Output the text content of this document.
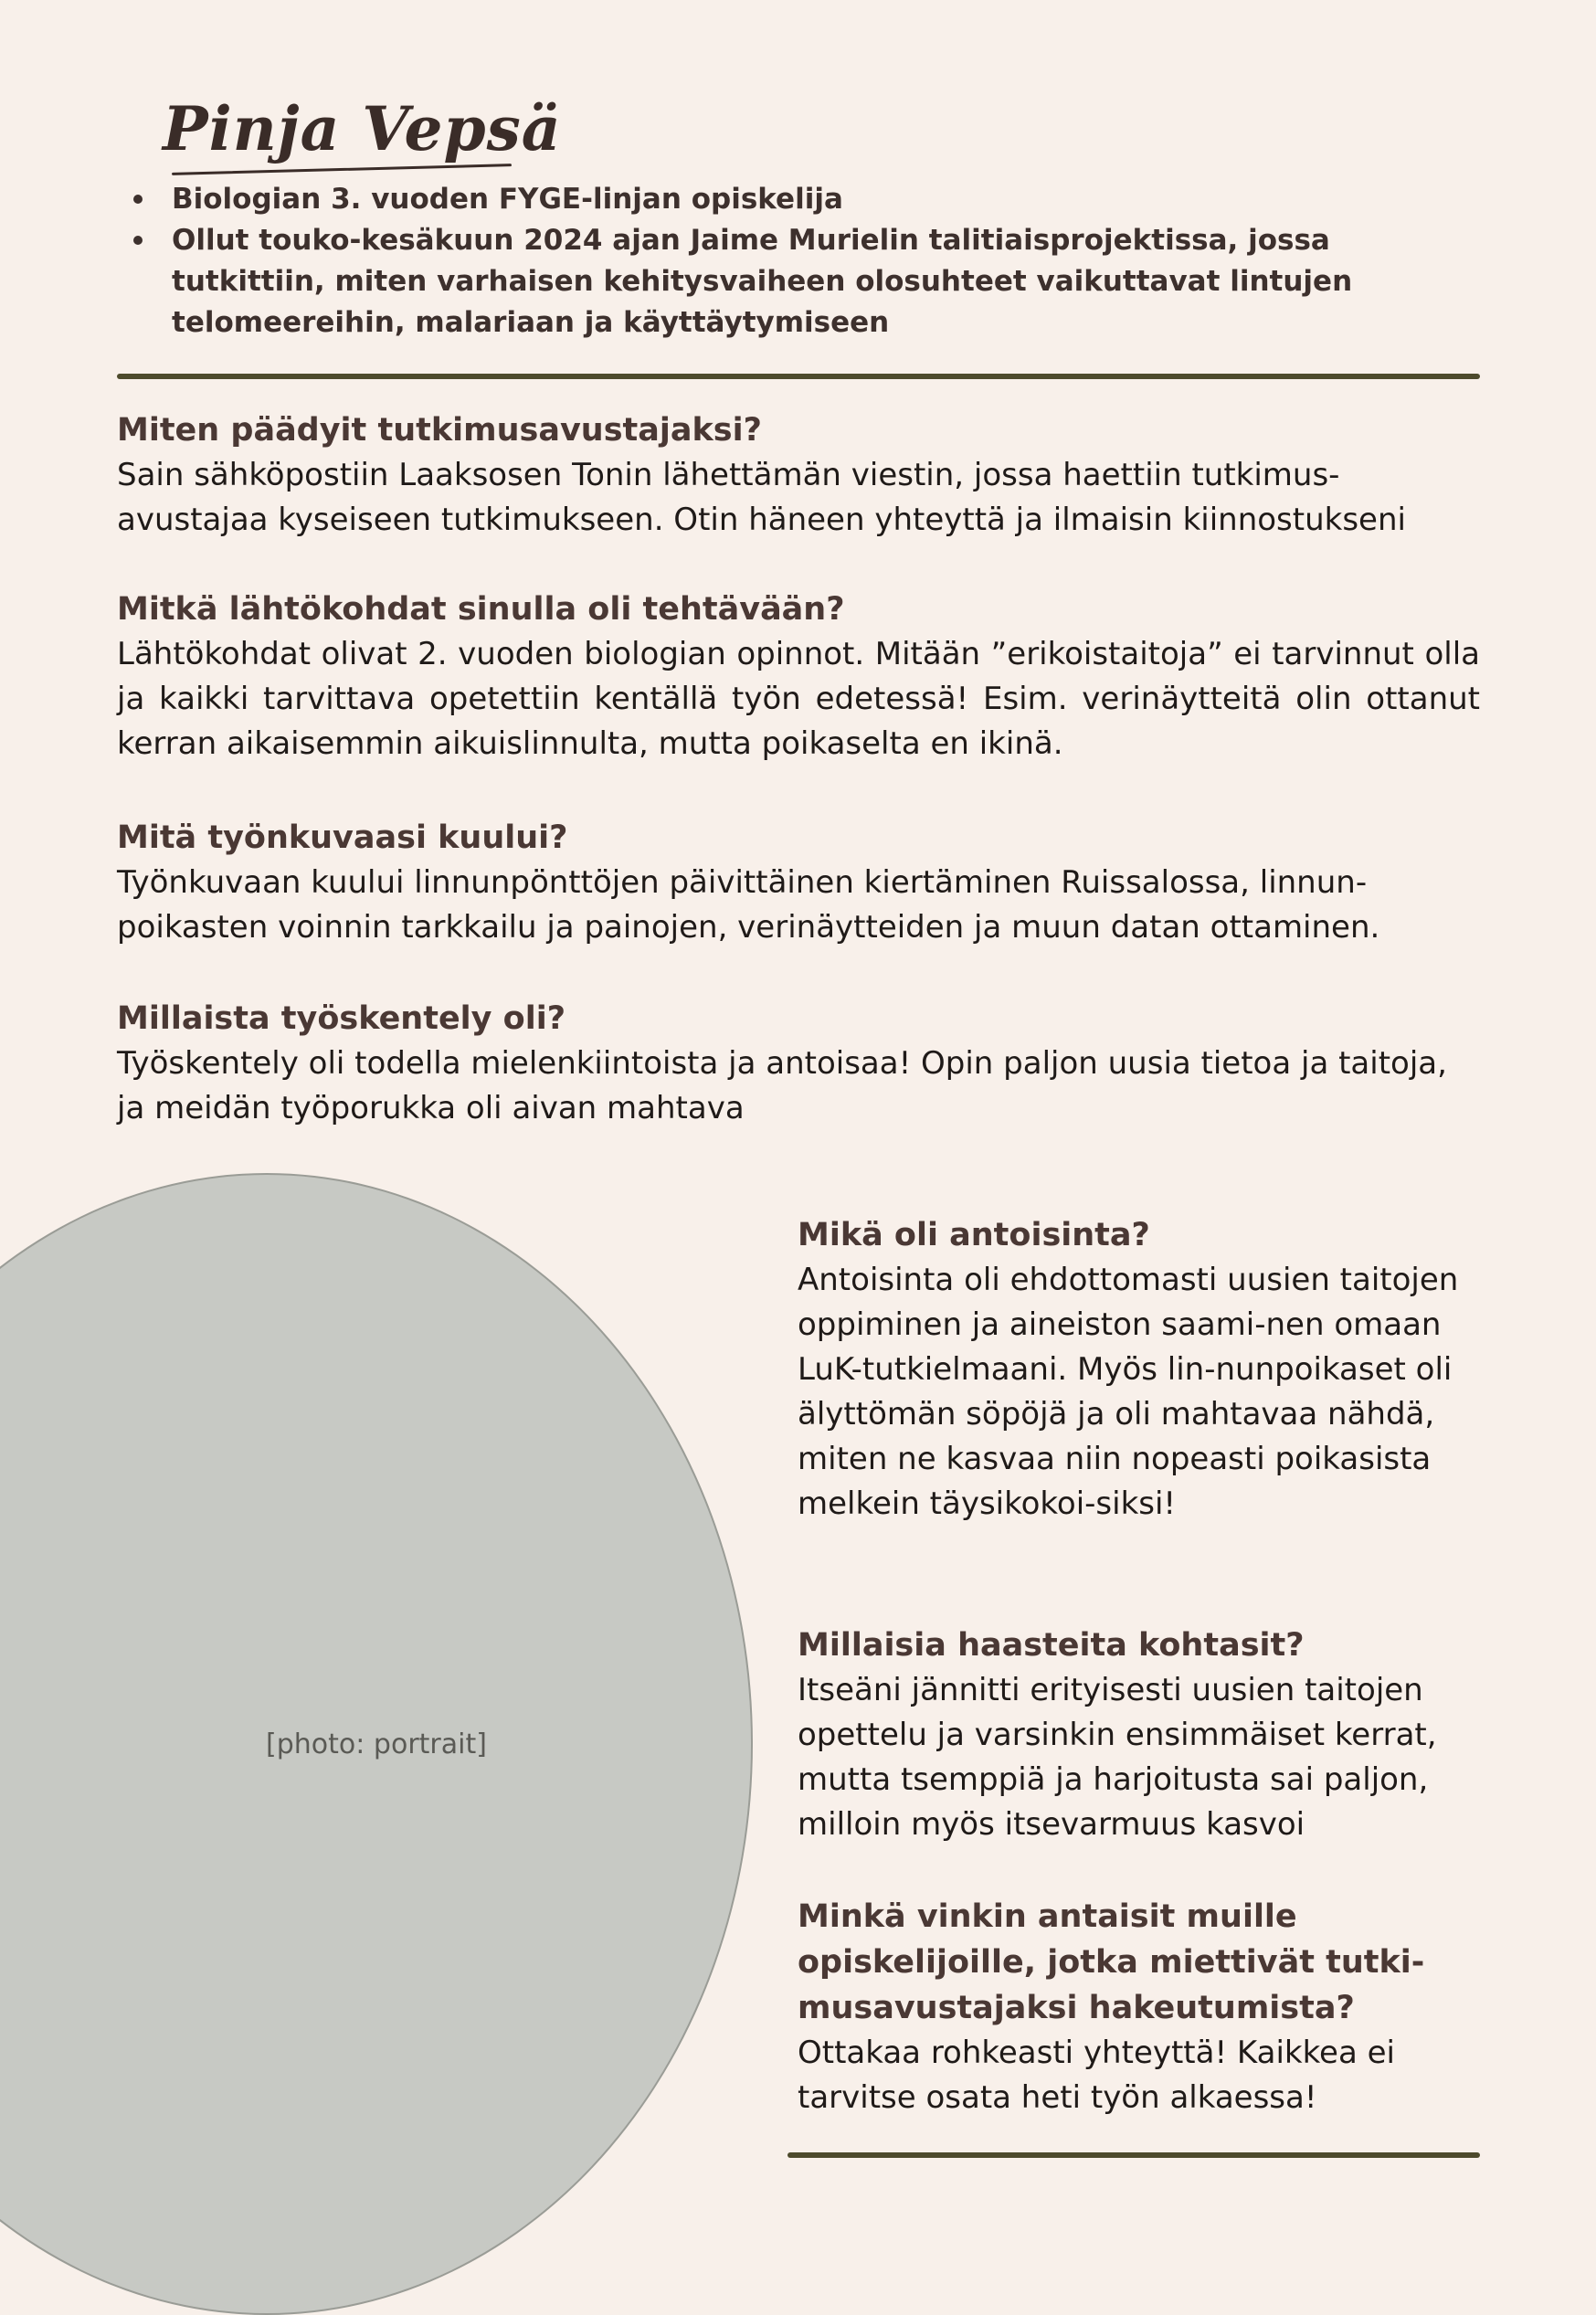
Pinja Vepsä
Biologian 3. vuoden FYGE-linjan opiskelija
Ollut touko-kesäkuun 2024 ajan Jaime Murielin talitiaisprojektissa, jossa tutkittiin, miten varhaisen kehitysvaiheen olosuhteet vaikuttavat lintujen telomeereihin, malariaan ja käyttäytymiseen

Miten päädyit tutkimusavustajaksi?

Sain sähköpostiin Laaksosen Tonin lähettämän viestin, jossa haettiin tutkimus-avustajaa kyseiseen tutkimukseen. Otin häneen yhteyttä ja ilmaisin kiinnostukseni

Mitkä lähtökohdat sinulla oli tehtävään?

Lähtökohdat olivat 2. vuoden biologian opinnot. Mitään ”erikoistaitoja” ei tarvinnut olla ja kaikki tarvittava opetettiin kentällä työn edetessä! Esim. verinäytteitä olin ottanut kerran aikaisemmin aikuislinnulta, mutta poikaselta en ikinä.

Mitä työnkuvaasi kuului?

Työnkuvaan kuului linnunpönttöjen päivittäinen kiertäminen Ruissalossa, linnun-poikasten voinnin tarkkailu ja painojen, verinäytteiden ja muun datan ottaminen.

Millaista työskentely oli?

Työskentely oli todella mielenkiintoista ja antoisaa! Opin paljon uusia tietoa ja taitoja, ja meidän työporukka oli aivan mahtava

[photo: portrait]

Mikä oli antoisinta?

Antoisinta oli ehdottomasti uusien taitojen oppiminen ja aineiston saami-nen omaan LuK-tutkielmaani. Myös lin-nunpoikaset oli älyttömän söpöjä ja oli mahtavaa nähdä, miten ne kasvaa niin nopeasti poikasista melkein täysikokoi-siksi!

Millaisia haasteita kohtasit?

Itseäni jännitti erityisesti uusien taitojen opettelu ja varsinkin ensimmäiset kerrat, mutta tsemppiä ja harjoitusta sai paljon, milloin myös itsevarmuus kasvoi

Minkä vinkin antaisit muille opiskelijoille, jotka miettivät tutki-musavustajaksi hakeutumista?

Ottakaa rohkeasti yhteyttä! Kaikkea ei tarvitse osata heti työn alkaessa!
